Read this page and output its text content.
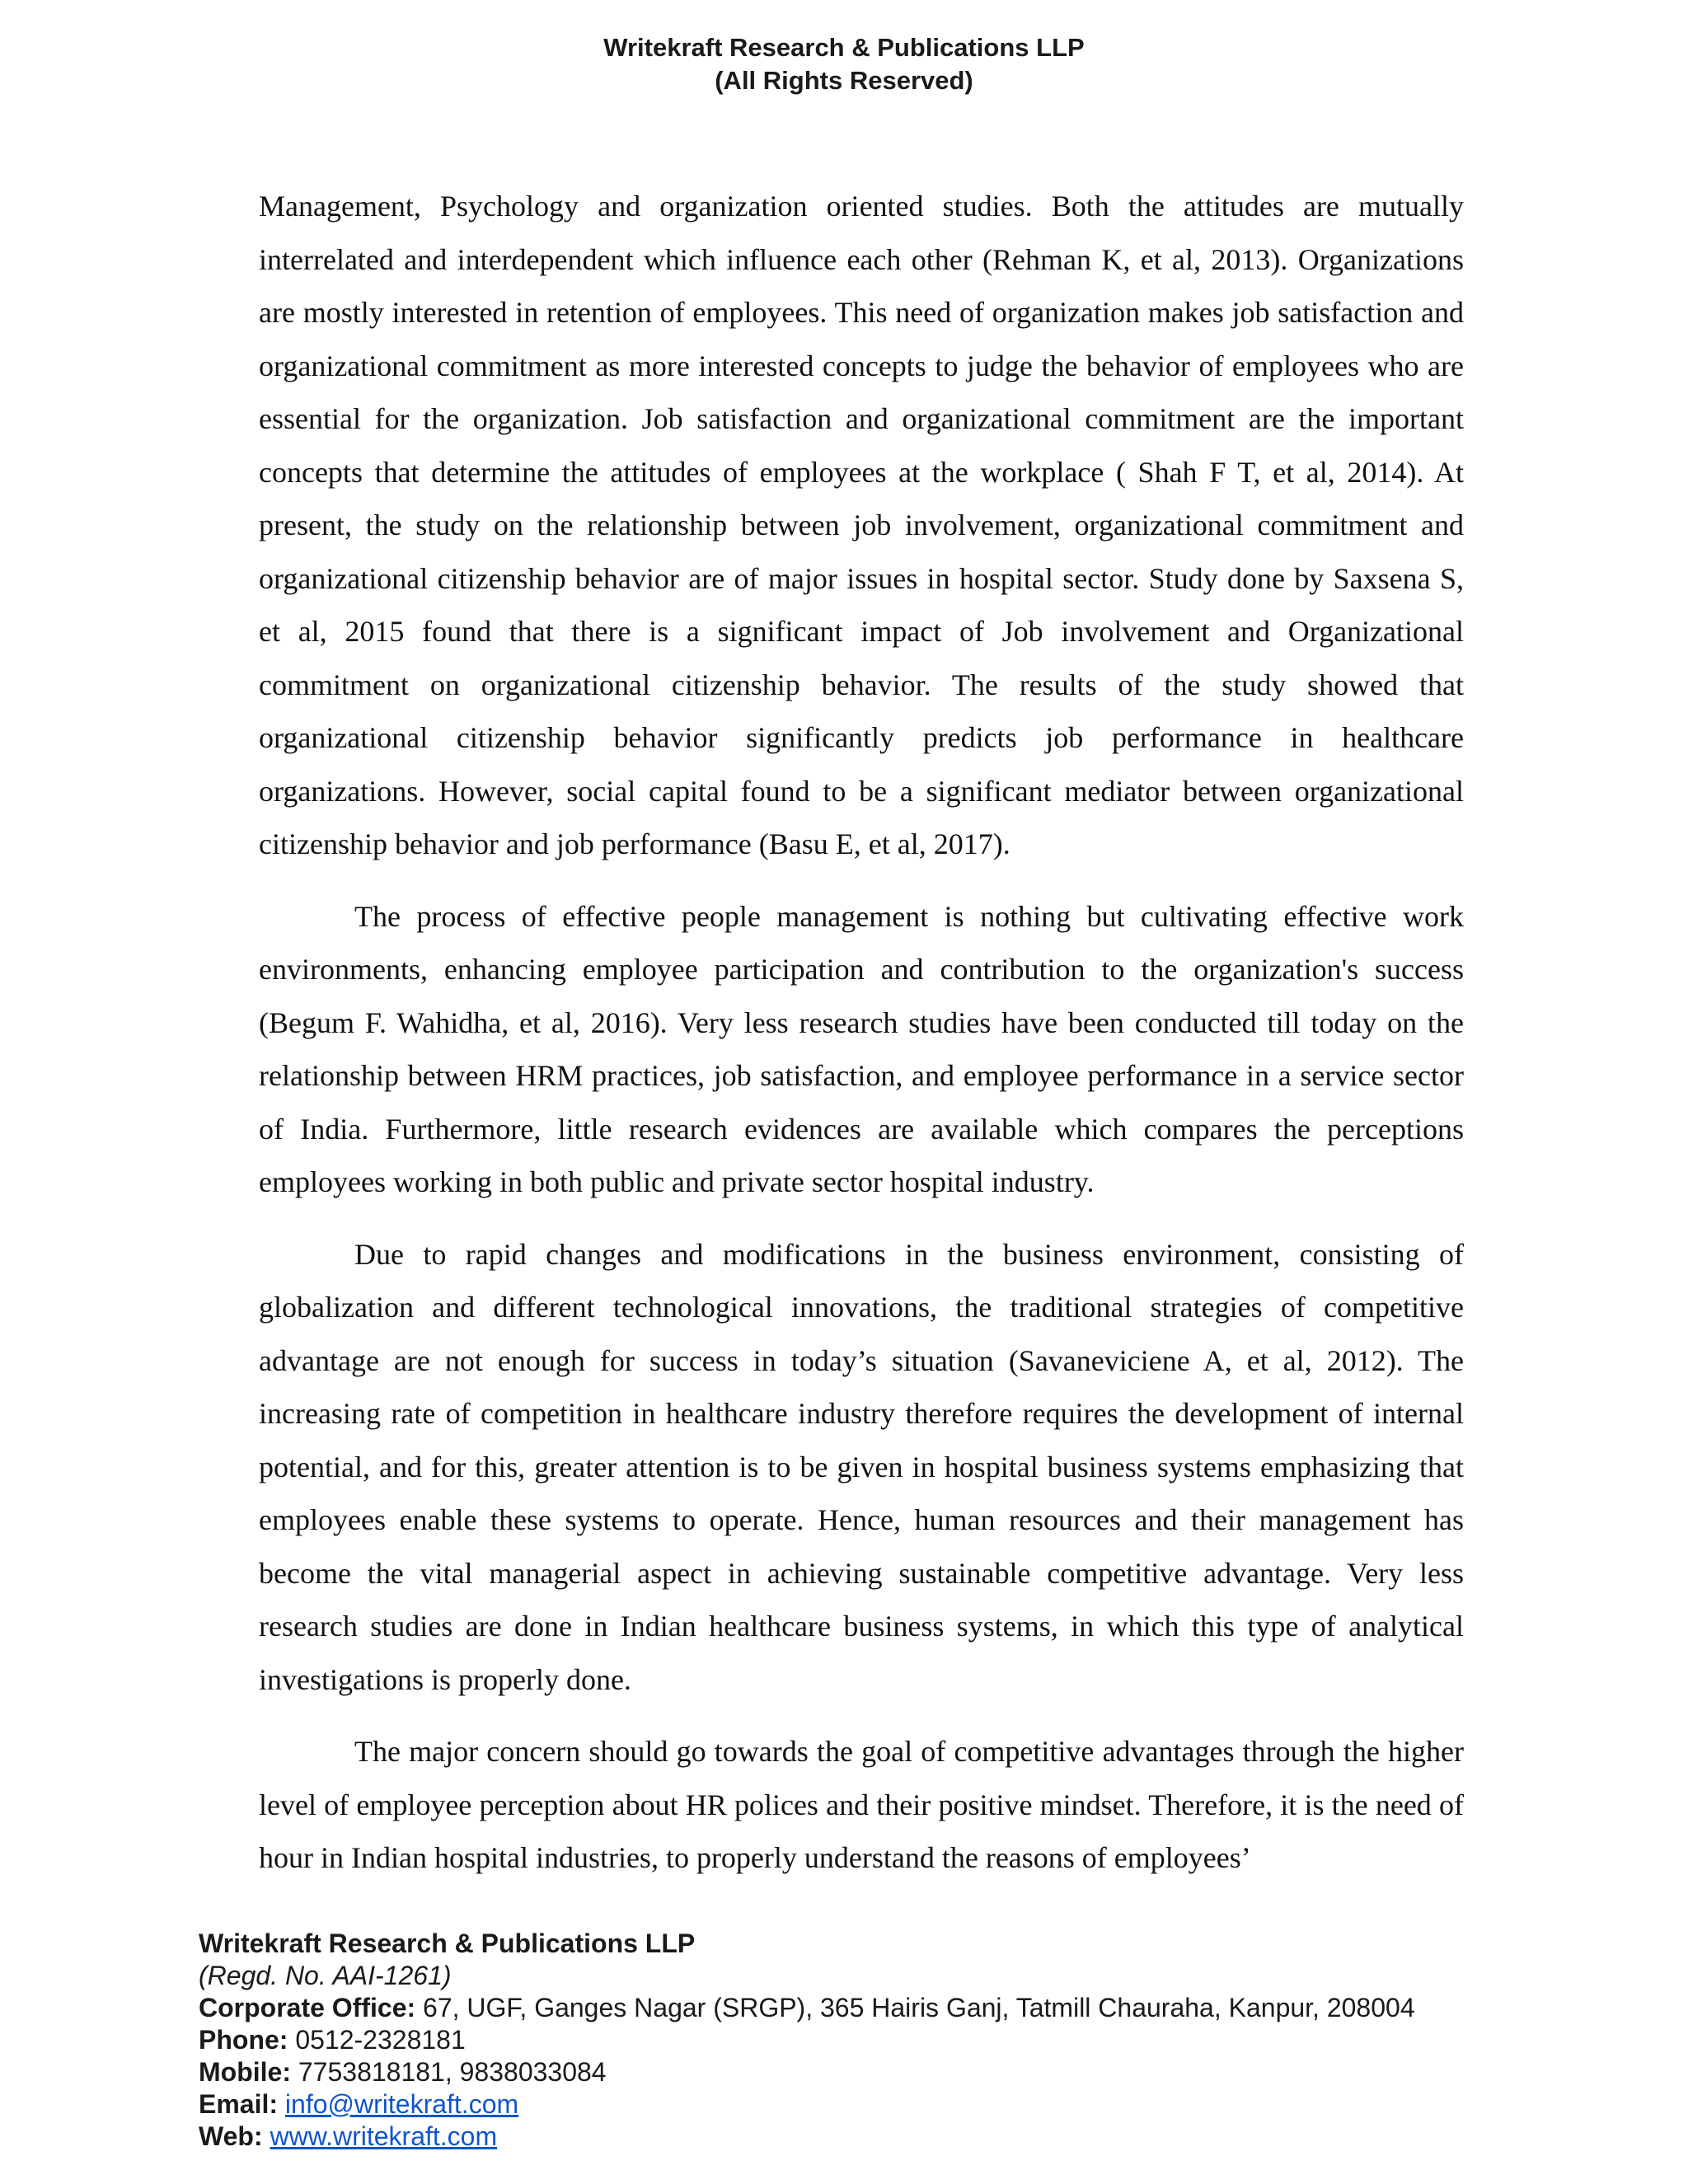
Writekraft Research & Publications LLP
(All Rights Reserved)

Management, Psychology and organization oriented studies. Both the attitudes are mutually interrelated and interdependent which influence each other (Rehman K, et al, 2013). Organizations are mostly interested in retention of employees. This need of organization makes job satisfaction and organizational commitment as more interested concepts to judge the behavior of employees who are essential for the organization. Job satisfaction and organizational commitment are the important concepts that determine the attitudes of employees at the workplace ( Shah F T, et al, 2014). At present, the study on the relationship between job involvement, organizational commitment and organizational citizenship behavior are of major issues in hospital sector. Study done by Saxsena S, et al, 2015 found that there is a significant impact of Job involvement and Organizational commitment on organizational citizenship behavior. The results of the study showed that organizational citizenship behavior significantly predicts job performance in healthcare organizations. However, social capital found to be a significant mediator between organizational citizenship behavior and job performance (Basu E, et al, 2017).

The process of effective people management is nothing but cultivating effective work environments, enhancing employee participation and contribution to the organization's success (Begum F. Wahidha, et al, 2016). Very less research studies have been conducted till today on the relationship between HRM practices, job satisfaction, and employee performance in a service sector of India. Furthermore, little research evidences are available which compares the perceptions employees working in both public and private sector hospital industry.

Due to rapid changes and modifications in the business environment, consisting of globalization and different technological innovations, the traditional strategies of competitive advantage are not enough for success in today’s situation (Savaneviciene A, et al, 2012). The increasing rate of competition in healthcare industry therefore requires the development of internal potential, and for this, greater attention is to be given in hospital business systems emphasizing that employees enable these systems to operate. Hence, human resources and their management has become the vital managerial aspect in achieving sustainable competitive advantage. Very less research studies are done in Indian healthcare business systems, in which this type of analytical investigations is properly done.

The major concern should go towards the goal of competitive advantages through the higher level of employee perception about HR polices and their positive mindset. Therefore, it is the need of hour in Indian hospital industries, to properly understand the reasons of employees’

Writekraft Research & Publications LLP
(Regd. No. AAI-1261)
Corporate Office: 67, UGF, Ganges Nagar (SRGP), 365 Hairis Ganj, Tatmill Chauraha, Kanpur, 208004
Phone: 0512-2328181
Mobile: 7753818181, 9838033084
Email: info@writekraft.com
Web: www.writekraft.com
